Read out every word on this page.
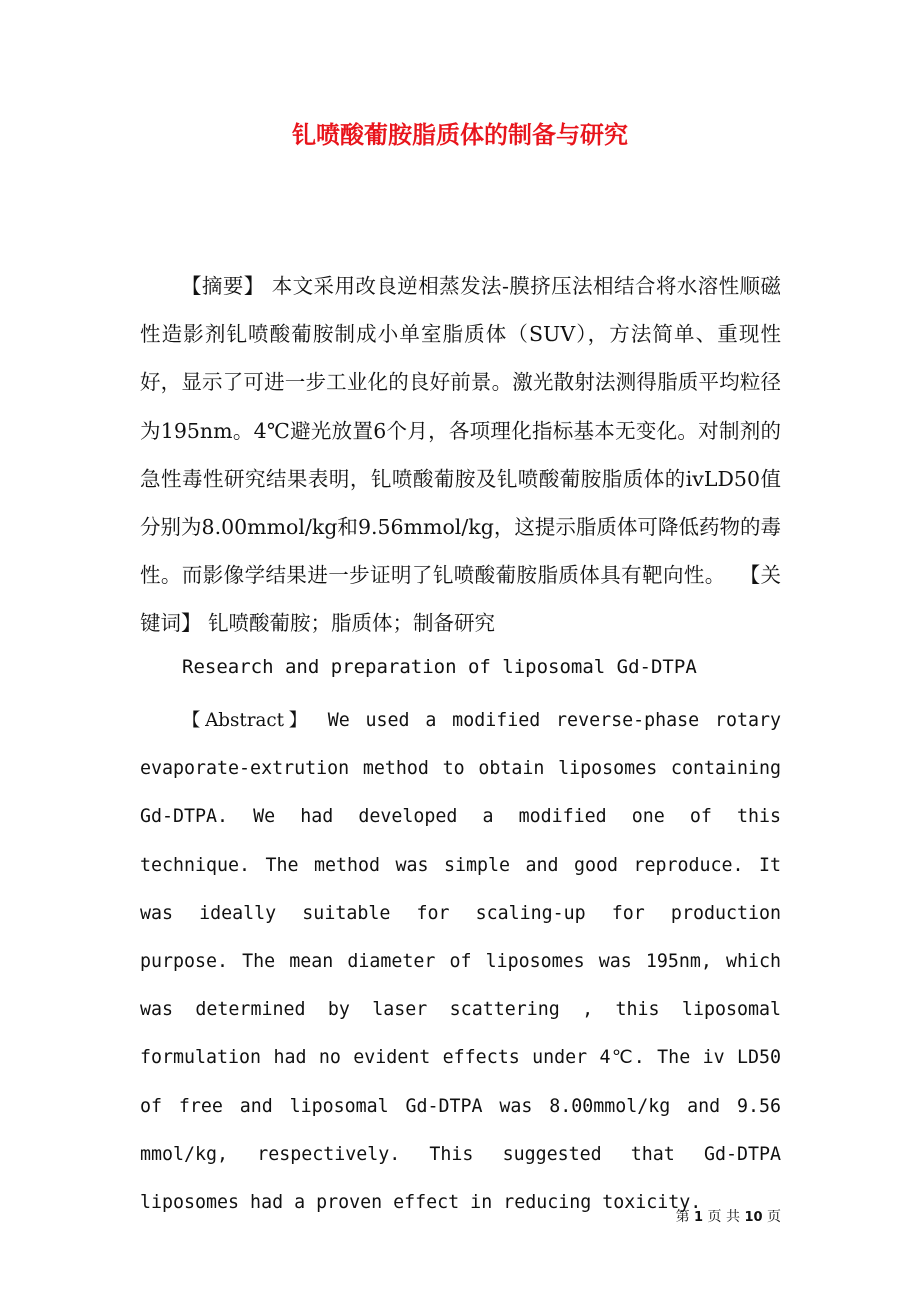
钆喷酸葡胺脂质体的制备与研究

【摘要】 本文采用改良逆相蒸发法-膜挤压法相结合将水溶性顺磁性造影剂钆喷酸葡胺制成小单室脂质体（SUV），方法简单、重现性好，显示了可进一步工业化的良好前景。激光散射法测得脂质平均粒径为195nm。4℃避光放置6个月，各项理化指标基本无变化。对制剂的急性毒性研究结果表明，钆喷酸葡胺及钆喷酸葡胺脂质体的ivLD50值分别为8.00mmol/kg和9.56mmol/kg，这提示脂质体可降低药物的毒性。而影像学结果进一步证明了钆喷酸葡胺脂质体具有靶向性。 【关键词】 钆喷酸葡胺；脂质体；制备研究

Research and preparation of liposomal Gd-DTPA

【Abstract】 We used a modified reverse-phase rotary evaporate-extrution method to obtain liposomes containing Gd-DTPA. We had developed a modified one of this technique. The method was simple and good reproduce. It was ideally suitable for scaling-up for production purpose. The mean diameter of liposomes was 195nm, which was determined by laser scattering , this liposomal formulation had no evident effects under 4℃. The iv LD50 of free and liposomal Gd-DTPA was 8.00mmol/kg and 9.56 mmol/kg, respectively. This suggested that Gd-DTPA liposomes had a proven effect in reducing toxicity.

第 1 页 共 10 页
